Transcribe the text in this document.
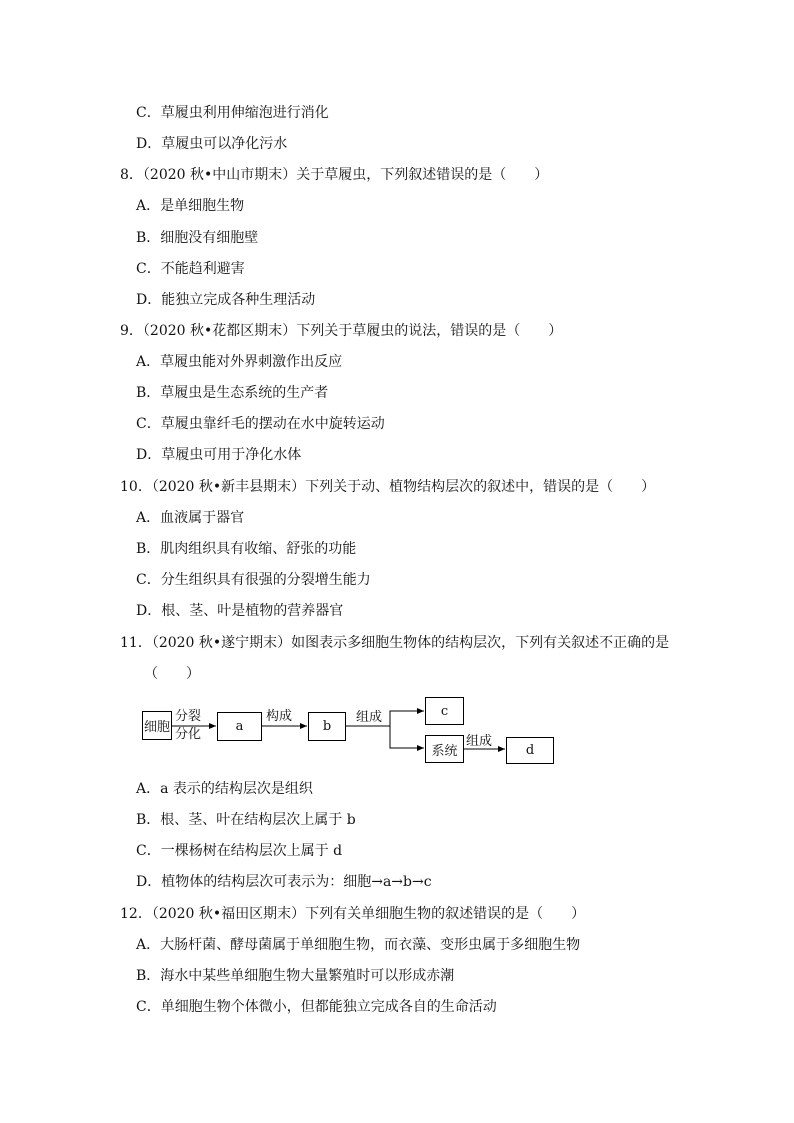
C．草履虫利用伸缩泡进行消化
D．草履虫可以净化污水
8．（2020 秋•中山市期末）关于草履虫，下列叙述错误的是（　　）
A．是单细胞生物
B．细胞没有细胞壁
C．不能趋利避害
D．能独立完成各种生理活动
9．（2020 秋•花都区期末）下列关于草履虫的说法，错误的是（　　）
A．草履虫能对外界刺激作出反应
B．草履虫是生态系统的生产者
C．草履虫靠纤毛的摆动在水中旋转运动
D．草履虫可用于净化水体
10．（2020 秋•新丰县期末）下列关于动、植物结构层次的叙述中，错误的是（　　）
A．血液属于器官
B．肌肉组织具有收缩、舒张的功能
C．分生组织具有很强的分裂增生能力
D．根、茎、叶是植物的营养器官
11．（2020 秋•遂宁期末）如图表示多细胞生物体的结构层次，下列有关叙述不正确的是
（　　）
细胞
分裂
分化
a
构成
b
组成	c
系统
组成
d
A．a 表示的结构层次是组织
B．根、茎、叶在结构层次上属于 b
C．一棵杨树在结构层次上属于 d
D．植物体的结构层次可表示为：细胞→a→b→c
12．（2020 秋•福田区期末）下列有关单细胞生物的叙述错误的是（　　）
A．大肠杆菌、酵母菌属于单细胞生物，而衣藻、变形虫属于多细胞生物
B．海水中某些单细胞生物大量繁殖时可以形成赤潮
C．单细胞生物个体微小，但都能独立完成各自的生命活动
